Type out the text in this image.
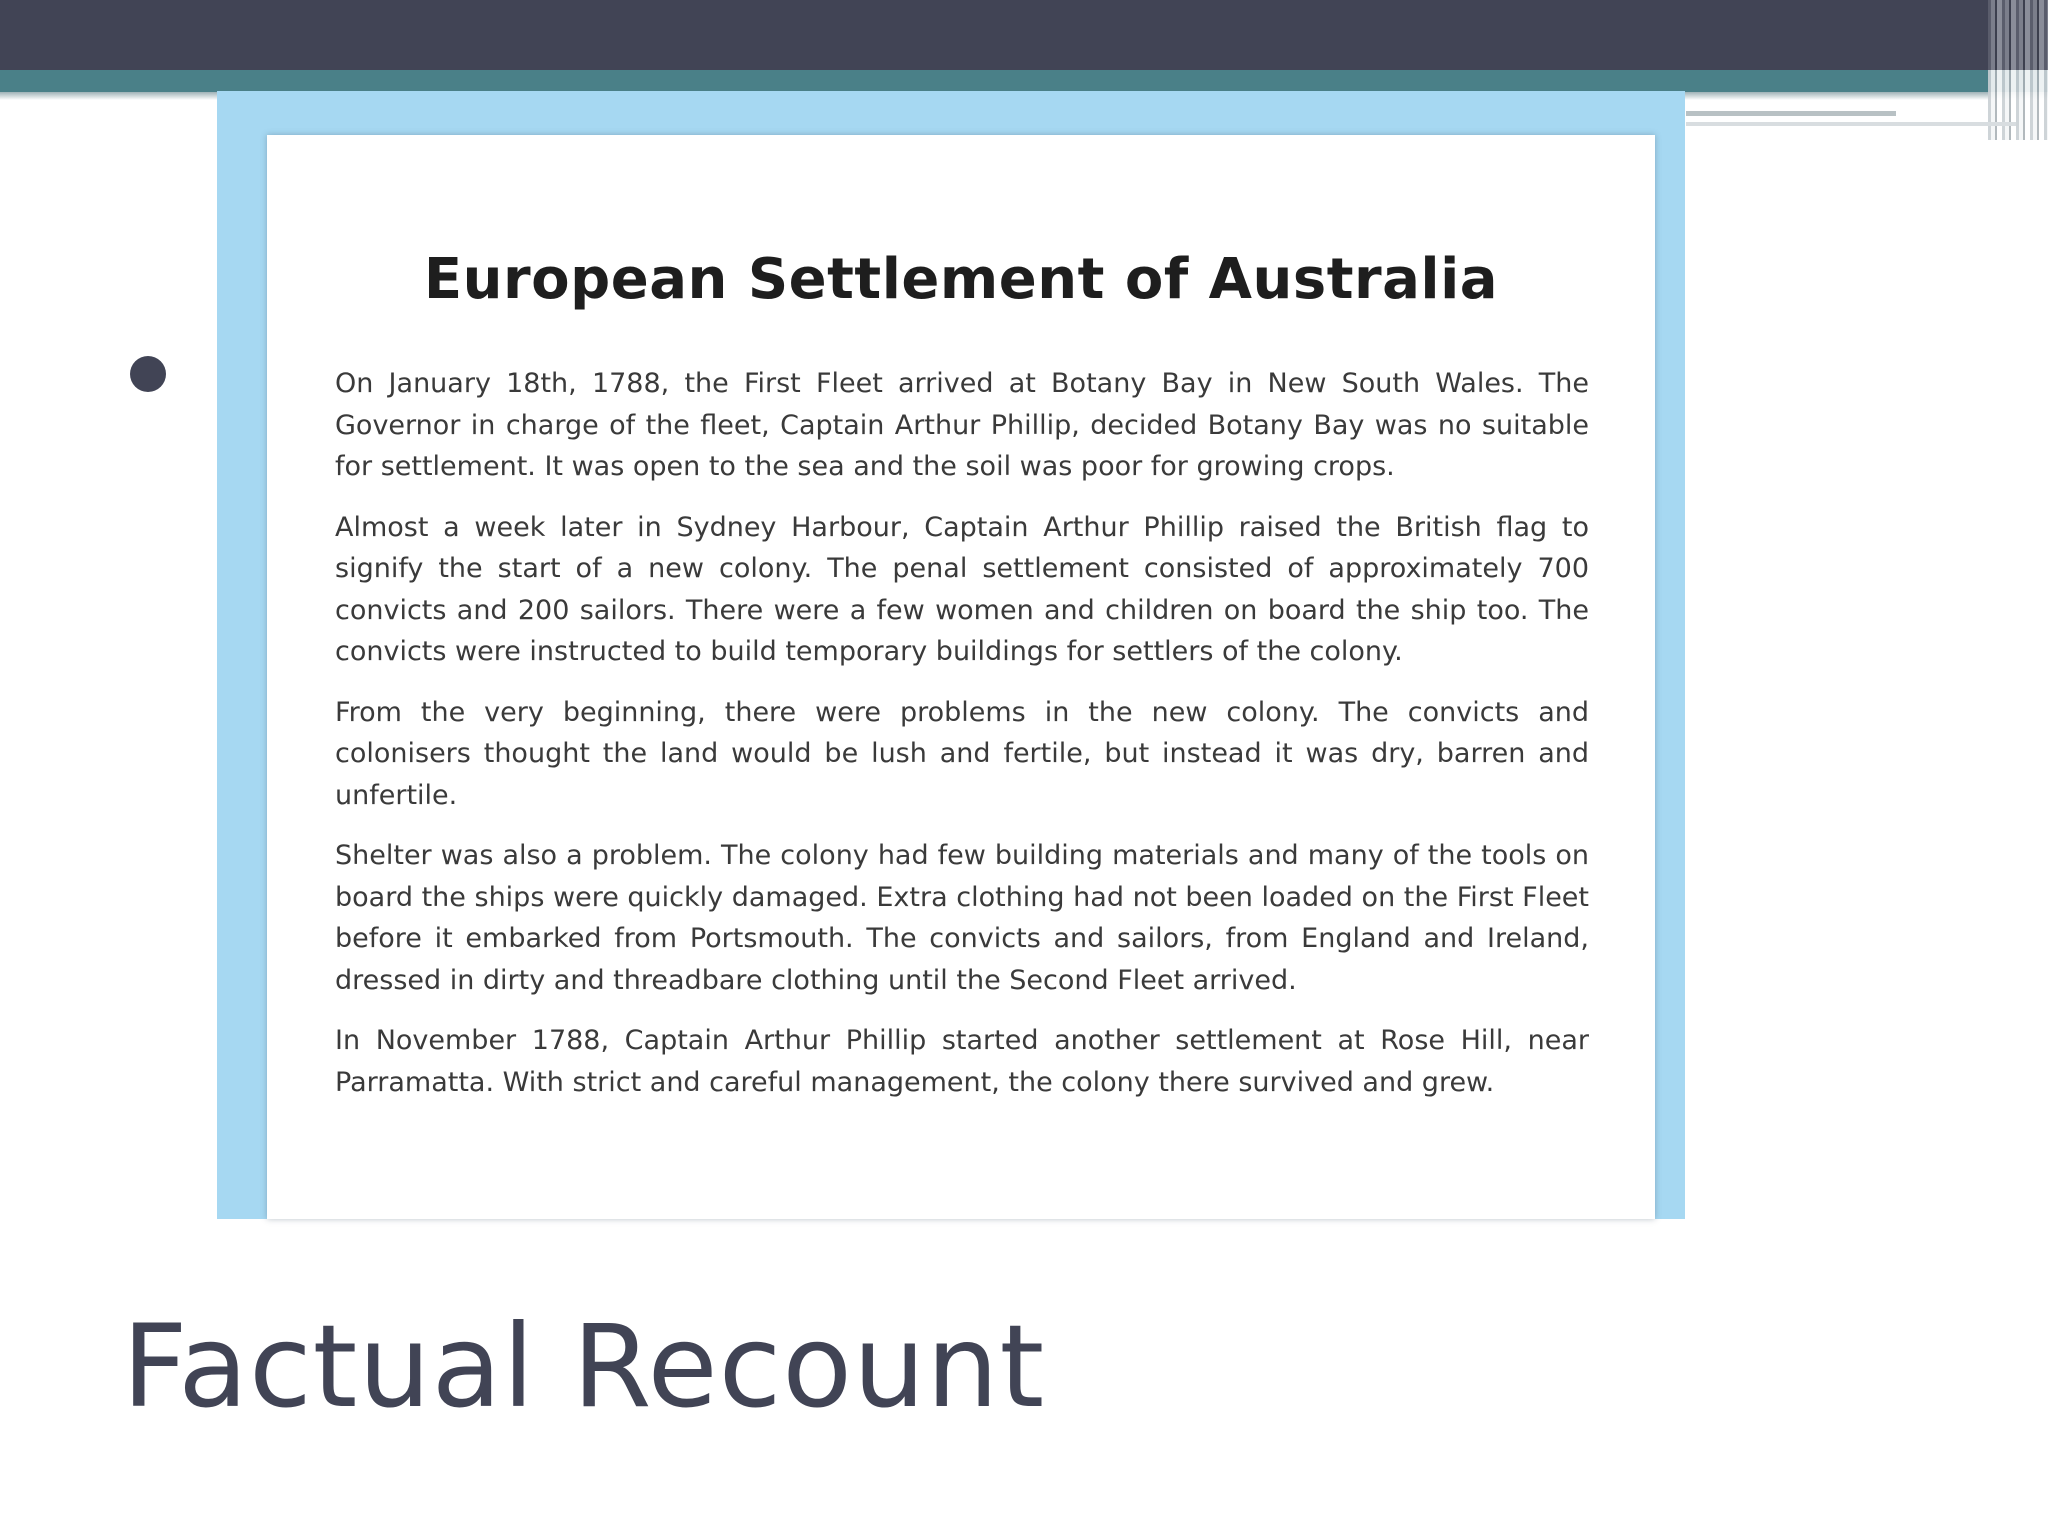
European Settlement of Australia

On January 18th, 1788, the First Fleet arrived at Botany Bay in New South Wales. The Governor in charge of the fleet, Captain Arthur Phillip, decided Botany Bay was no suitable for settlement. It was open to the sea and the soil was poor for growing crops.

Almost a week later in Sydney Harbour, Captain Arthur Phillip raised the British flag to signify the start of a new colony. The penal settlement consisted of approximately 700 convicts and 200 sailors. There were a few women and children on board the ship too. The convicts were instructed to build temporary buildings for settlers of the colony.

From the very beginning, there were problems in the new colony. The convicts and colonisers thought the land would be lush and fertile, but instead it was dry, barren and unfertile.

Shelter was also a problem. The colony had few building materials and many of the tools on board the ships were quickly damaged. Extra clothing had not been loaded on the First Fleet before it embarked from Portsmouth. The convicts and sailors, from England and Ireland, dressed in dirty and threadbare clothing until the Second Fleet arrived.

In November 1788, Captain Arthur Phillip started another settlement at Rose Hill, near Parramatta. With strict and careful management, the colony there survived and grew.

Factual Recount
